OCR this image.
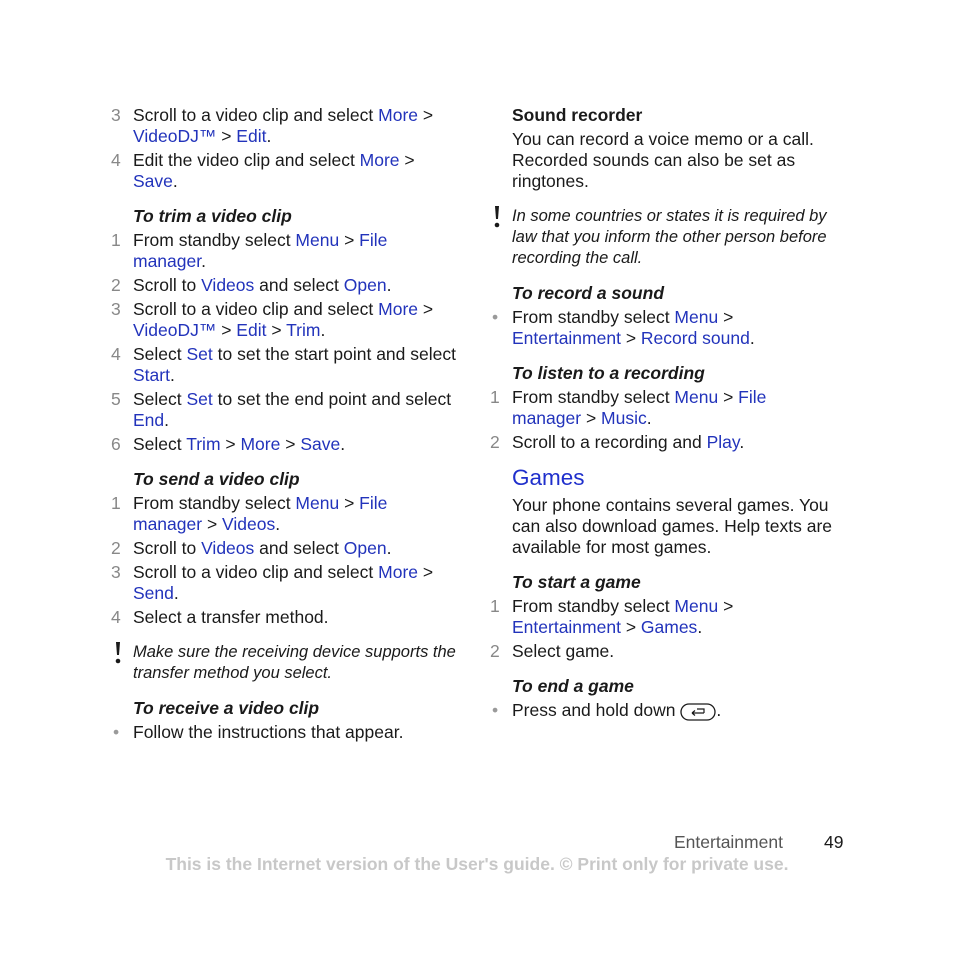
3 Scroll to a video clip and select More > VideoDJ™ > Edit.
4 Edit the video clip and select More > Save.
To trim a video clip
1 From standby select Menu > File manager.
2 Scroll to Videos and select Open.
3 Scroll to a video clip and select More > VideoDJ™ > Edit > Trim.
4 Select Set to set the start point and select Start.
5 Select Set to set the end point and select End.
6 Select Trim > More > Save.
To send a video clip
1 From standby select Menu > File manager > Videos.
2 Scroll to Videos and select Open.
3 Scroll to a video clip and select More > Send.
4 Select a transfer method.
Make sure the receiving device supports the transfer method you select.
To receive a video clip
• Follow the instructions that appear.
Sound recorder
You can record a voice memo or a call. Recorded sounds can also be set as ringtones.
In some countries or states it is required by law that you inform the other person before recording the call.
To record a sound
• From standby select Menu > Entertainment > Record sound.
To listen to a recording
1 From standby select Menu > File manager > Music.
2 Scroll to a recording and Play.
Games
Your phone contains several games. You can also download games. Help texts are available for most games.
To start a game
1 From standby select Menu > Entertainment > Games.
2 Select game.
To end a game
• Press and hold down .
Entertainment 49
This is the Internet version of the User's guide. © Print only for private use.
